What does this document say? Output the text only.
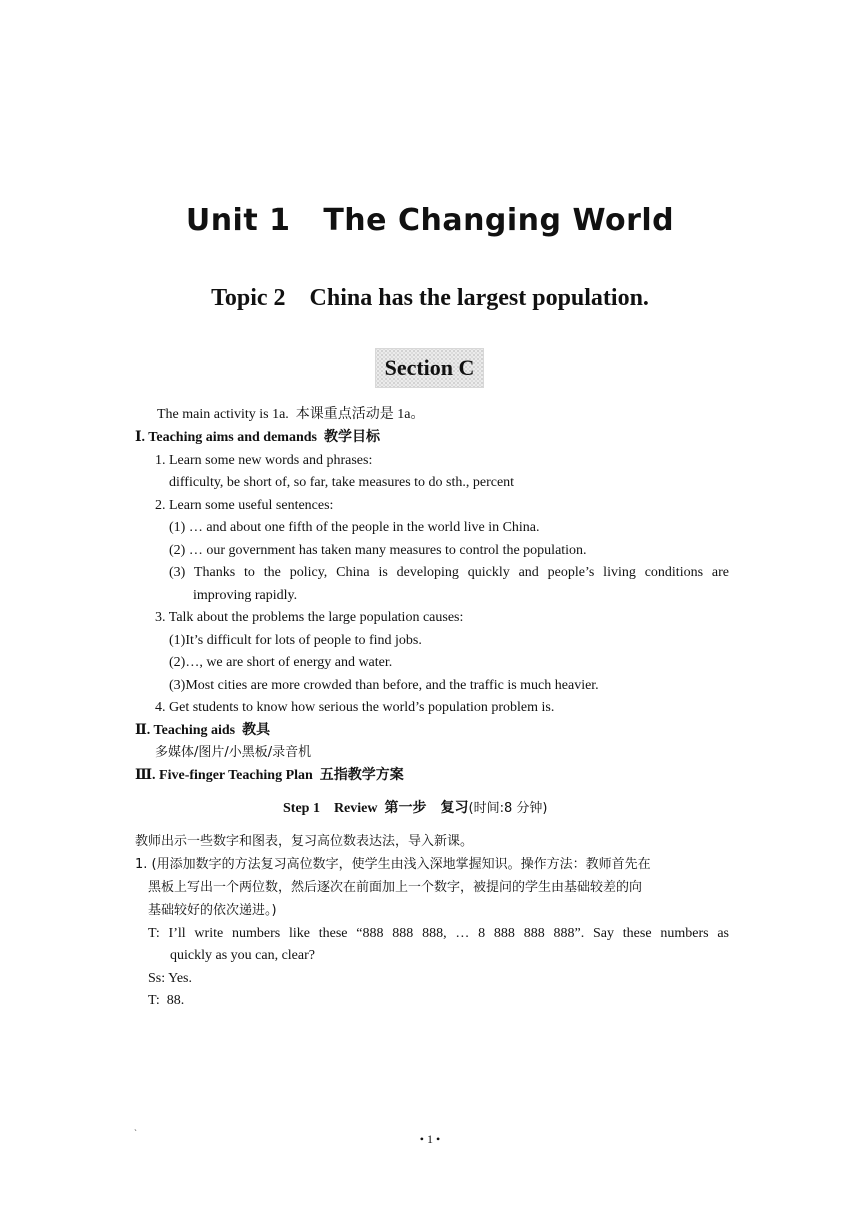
Unit 1   The Changing World
Topic 2    China has the largest population.
Section C
The main activity is 1a.  本课重点活动是 1a。
Ⅰ. Teaching aims and demands  教学目标
1. Learn some new words and phrases:
difficulty, be short of, so far, take measures to do sth., percent
2. Learn some useful sentences:
(1) … and about one fifth of the people in the world live in China.
(2) … our government has taken many measures to control the population.
(3) Thanks to the policy, China is developing quickly and people’s living conditions are
improving rapidly.
3. Talk about the problems the large population causes:
(1)It’s difficult for lots of people to find jobs.
(2)…, we are short of energy and water.
(3)Most cities are more crowded than before, and the traffic is much heavier.
4. Get students to know how serious the world’s population problem is.
Ⅱ. Teaching aids  教具
多媒体/图片/小黑板/录音机
Ⅲ. Five-finger Teaching Plan  五指教学方案
Step 1    Review  第一步    复习(时间:8 分钟)
教师出示一些数字和图表，复习高位数表达法，导入新课。
1. (用添加数字的方法复习高位数字，使学生由浅入深地掌握知识。操作方法：教师首先在
黑板上写出一个两位数，然后逐次在前面加上一个数字，被提问的学生由基础较差的向
基础较好的依次递进。)
T: I’ll write numbers like these “888 888 888, … 8 888 888 888”. Say these numbers as
quickly as you can, clear?
Ss: Yes.
T:  88.
`	• 1 •
